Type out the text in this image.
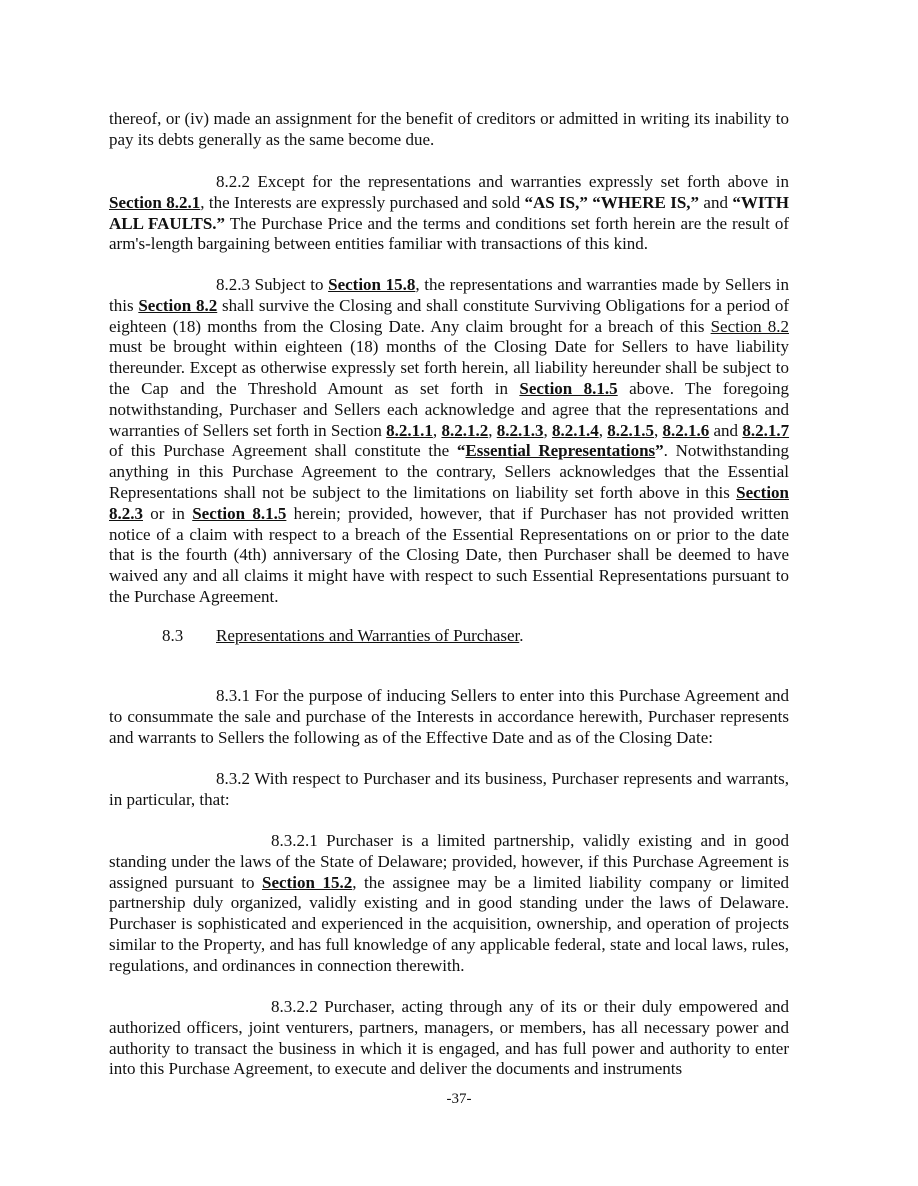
thereof, or (iv) made an assignment for the benefit of creditors or admitted in writing its inability to pay its debts generally as the same become due.

8.2.2 Except for the representations and warranties expressly set forth above in Section 8.2.1, the Interests are expressly purchased and sold “AS IS,” “WHERE IS,” and “WITH ALL FAULTS.” The Purchase Price and the terms and conditions set forth herein are the result of arm's-length bargaining between entities familiar with transactions of this kind.

8.2.3 Subject to Section 15.8, the representations and warranties made by Sellers in this Section 8.2 shall survive the Closing and shall constitute Surviving Obligations for a period of eighteen (18) months from the Closing Date. Any claim brought for a breach of this Section 8.2 must be brought within eighteen (18) months of the Closing Date for Sellers to have liability thereunder. Except as otherwise expressly set forth herein, all liability hereunder shall be subject to the Cap and the Threshold Amount as set forth in Section 8.1.5 above. The foregoing notwithstanding, Purchaser and Sellers each acknowledge and agree that the representations and warranties of Sellers set forth in Section 8.2.1.1, 8.2.1.2, 8.2.1.3, 8.2.1.4, 8.2.1.5, 8.2.1.6 and 8.2.1.7 of this Purchase Agreement shall constitute the “Essential Representations”. Notwithstanding anything in this Purchase Agreement to the contrary, Sellers acknowledges that the Essential Representations shall not be subject to the limitations on liability set forth above in this Section 8.2.3 or in Section 8.1.5 herein; provided, however, that if Purchaser has not provided written notice of a claim with respect to a breach of the Essential Representations on or prior to the date that is the fourth (4th) anniversary of the Closing Date, then Purchaser shall be deemed to have waived any and all claims it might have with respect to such Essential Representations pursuant to the Purchase Agreement.

8.3 Representations and Warranties of Purchaser.

8.3.1 For the purpose of inducing Sellers to enter into this Purchase Agreement and to consummate the sale and purchase of the Interests in accordance herewith, Purchaser represents and warrants to Sellers the following as of the Effective Date and as of the Closing Date:

8.3.2 With respect to Purchaser and its business, Purchaser represents and warrants, in particular, that:

8.3.2.1 Purchaser is a limited partnership, validly existing and in good standing under the laws of the State of Delaware; provided, however, if this Purchase Agreement is assigned pursuant to Section 15.2, the assignee may be a limited liability company or limited partnership duly organized, validly existing and in good standing under the laws of Delaware. Purchaser is sophisticated and experienced in the acquisition, ownership, and operation of projects similar to the Property, and has full knowledge of any applicable federal, state and local laws, rules, regulations, and ordinances in connection therewith.

8.3.2.2 Purchaser, acting through any of its or their duly empowered and authorized officers, joint venturers, partners, managers, or members, has all necessary power and authority to transact the business in which it is engaged, and has full power and authority to enter into this Purchase Agreement, to execute and deliver the documents and instruments

-37-
